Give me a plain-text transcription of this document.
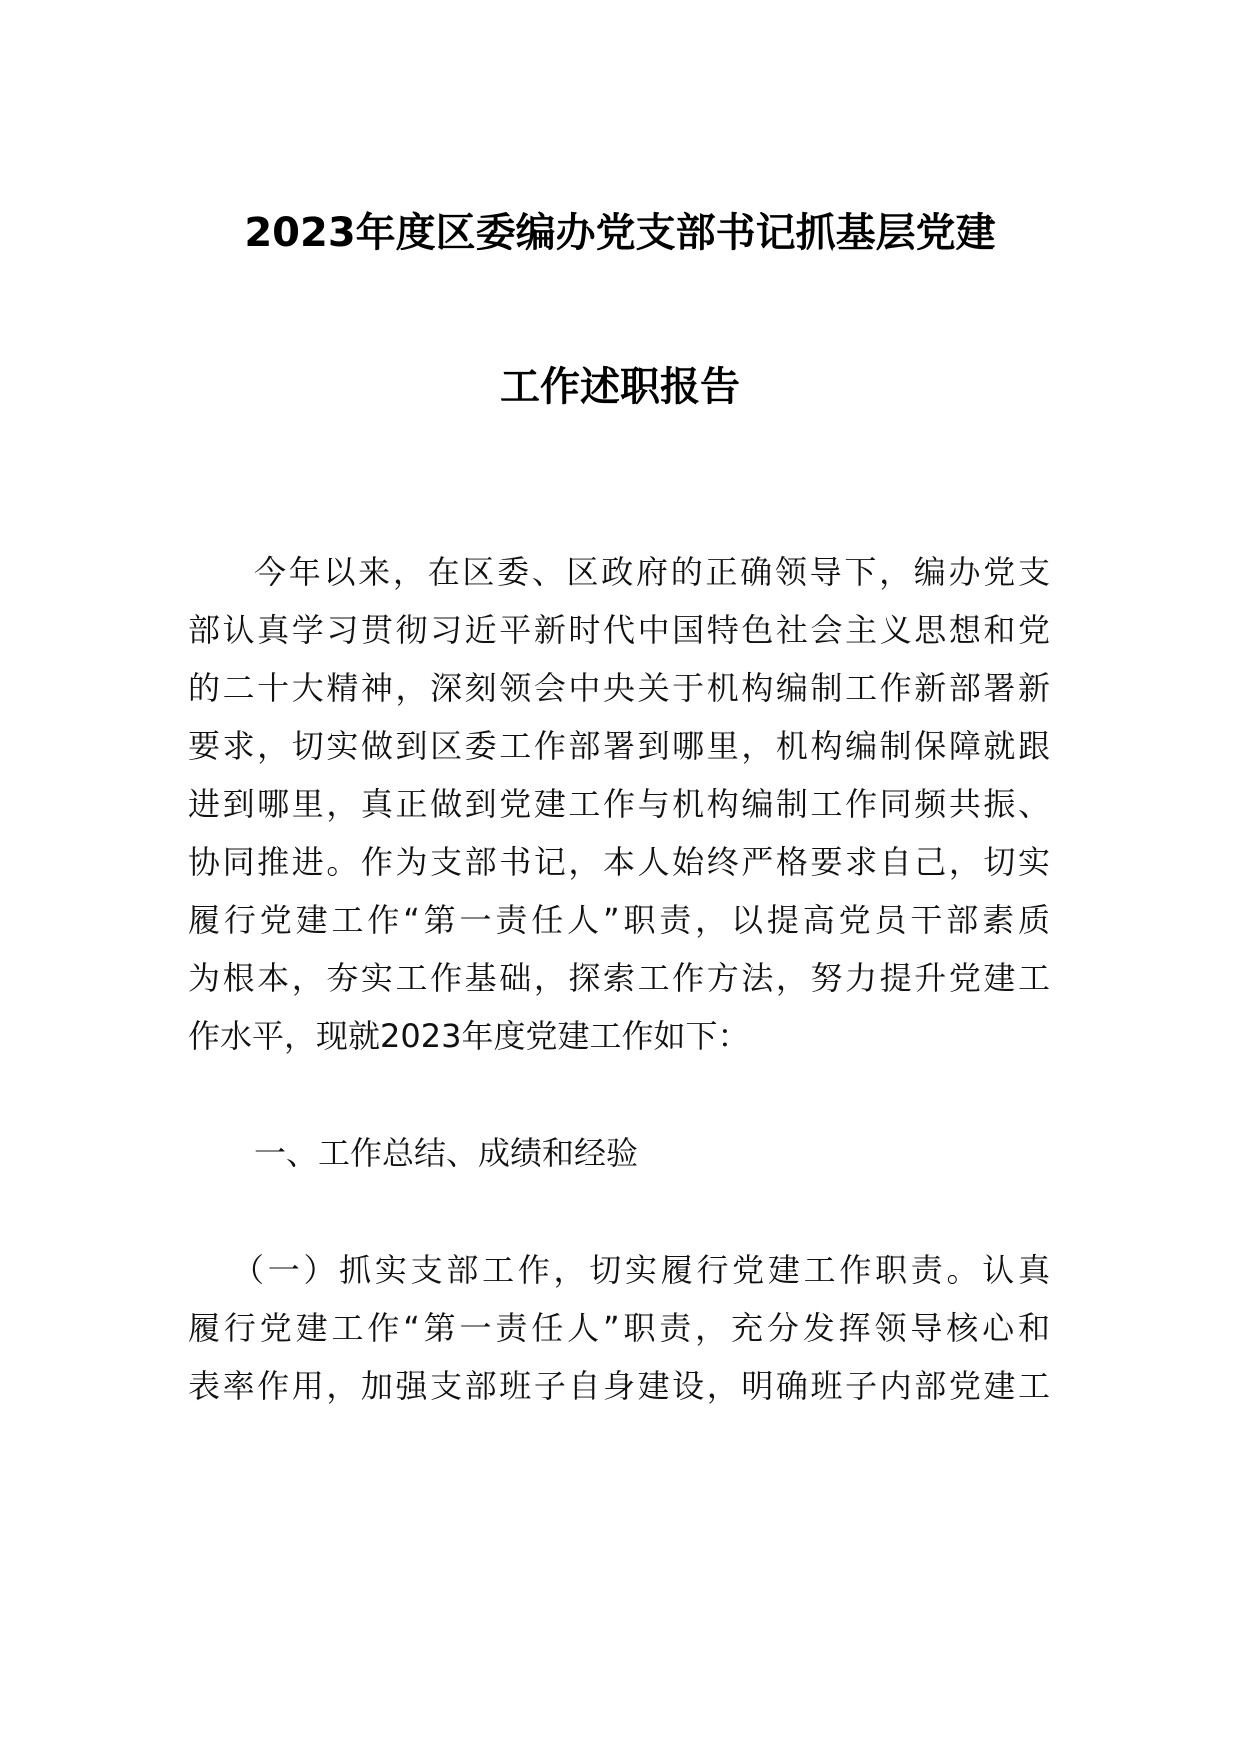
2023年度区委编办党支部书记抓基层党建
工作述职报告
今年以来，在区委、区政府的正确领导下，编办党支
部认真学习贯彻习近平新时代中国特色社会主义思想和党
的二十大精神，深刻领会中央关于机构编制工作新部署新
要求，切实做到区委工作部署到哪里，机构编制保障就跟
进到哪里，真正做到党建工作与机构编制工作同频共振、
协同推进。作为支部书记，本人始终严格要求自己，切实
履行党建工作“第一责任人”职责，以提高党员干部素质
为根本，夯实工作基础，探索工作方法，努力提升党建工
作水平，现就2023年度党建工作如下：
一、工作总结、成绩和经验
（一）抓实支部工作，切实履行党建工作职责。认真
履行党建工作“第一责任人”职责，充分发挥领导核心和
表率作用，加强支部班子自身建设，明确班子内部党建工
